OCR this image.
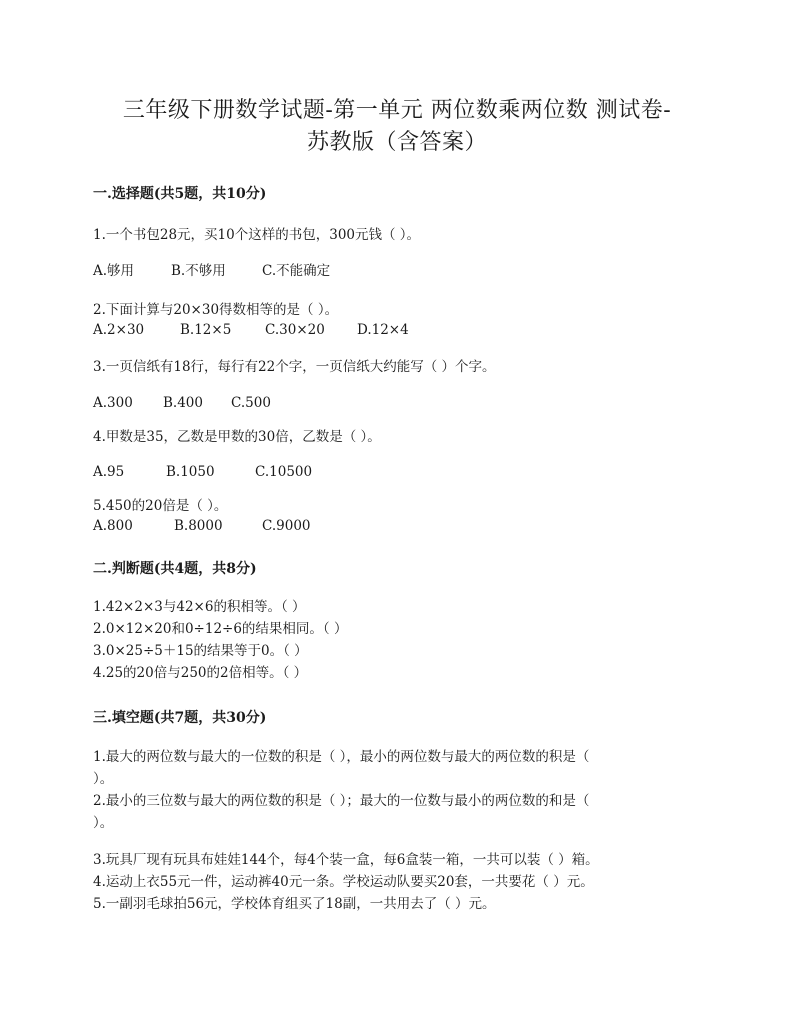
三年级下册数学试题-第一单元 两位数乘两位数 测试卷-
苏教版（含答案）
一.选择题(共5题，共10分)
1.一个书包28元，买10个这样的书包，300元钱（ ）。
A.够用	B.不够用	C.不能确定
2.下面计算与20×30得数相等的是（ ）。
A.2×30	B.12×5 C.30×20 D.12×4
3.一页信纸有18行，每行有22个字，一页信纸大约能写（ ）个字。
A.300 B.400 C.500
4.甲数是35，乙数是甲数的30倍，乙数是（ ）。
A.95	B.1050	C.10500
5.450的20倍是（ ）。
A.800	B.8000	C.9000
二.判断题(共4题，共8分)
1.42×2×3与42×6的积相等。（ ）
2.0×12×20和0÷12÷6的结果相同。（ ）
3.0×25÷5＋15的结果等于0。（ ）
4.25的20倍与250的2倍相等。（ ）
三.填空题(共7题，共30分)
1.最大的两位数与最大的一位数的积是（ ），最小的两位数与最大的两位数的积是（
）。
2.最小的三位数与最大的两位数的积是（ ）；最大的一位数与最小的两位数的和是（
）。
3.玩具厂现有玩具布娃娃144个，每4个装一盒，每6盒装一箱，一共可以装（ ）箱。
4.运动上衣55元一件，运动裤40元一条。学校运动队要买20套，一共要花（ ）元。
5.一副羽毛球拍56元，学校体育组买了18副，一共用去了（ ）元。
